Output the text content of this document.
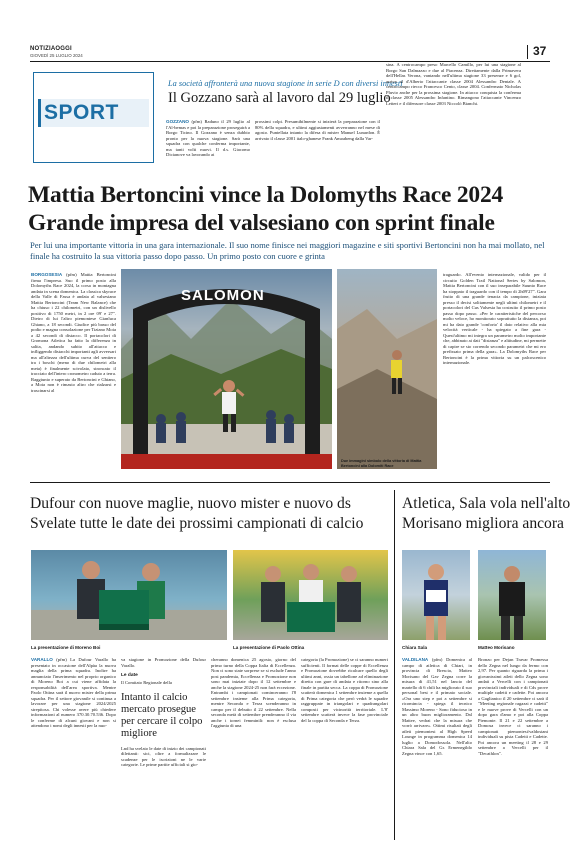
NOTIZIAOGGI
GIOVEDÌ 25 LUGLIO 2024	37
SPORT
La società affronterà una nuova stagione in serie D con diversi innesti
Il Gozzano sarà al lavoro dal 29 luglio
GOZZANO (pfm) Raduno il 29 luglio al l'Al-bemas e poi la preparazione proseguirà a Borgo Ticino. Il Gozzano è senza dubbio pronto per la nuova stagione. Sarà una squadra con qualche conferma importante, ma tanti volti nuovi. Il d.s. Giacomo Dicianove va lavorando ai
prossimi colpi. Presumibilmente si inizierà la preparazione con il 80% della squadra, e ultimi aggiustamenti avverranno nel mese di agosto. Puntellata intanto la difesa di mister Manuel Lunardon. È arrivato il classe 2001 italo-ghanese Frank Amoabeng dalla Var-
sina. A centrocampo preso Marcello Camillo, per lui una stagione al Borgo San Dalmazzo e due al Piacenza. Direttamente dalla Primavera dell'Hellas Verona, vantando nell'ultima stagione 33 presenze e 6 gol, arriva al d'Alberto l'attaccante classe 2004 Alessandro Dentale. A centrocampo riecco Francesco Cento, classe 2004. Confermato Nicholas Pluvio anche per la prossima stagione. In attacco conquista la conferma il classe 2005 Alessandro Infantino. Rimangono l'attaccante Vincenzo Letteri e il difensore classe 2003 Niccolò Bianchi.
Mattia Bertoncini vince la Dolomyths Race 2024
Grande impresa del valsesiano con sprint finale
Per lui una importante vittoria in una gara internazionale. Il suo nome finisce nei maggiori magazine e siti sportivi Bertoncini non ha mai mollato, nel finale ha costruito la sua vittoria passo dopo passo. Un primo posto con cuore e grinta
BORGOSESIA (pfm) Mattia Bertoncini firma l'impresa. Suo il primo posto alla Dolomyths Race 2024, la corsa in montagna andata in scena domenica. La classica skyrace della Valle di Fassa è andata al valsesiano Mattia Bertoncini (Team New Balance) che ha chiuso i 22 chilometri, con un dislivello positivo di 1750 metri, in 2 ore 09' e 27". Dietro di lui l'altro piemontese Gianluca Ghiano, a 18 secondi. Giudice più basso del podio e magna consolazione per Tiziano Moia a 42 secondi di distacco. Il portacolori di Gromona Atletica ha fatto la differenza in salita, andando subito all'attacco e infliggendo distacchi importanti agli avversari ma all'altezza dell'ultima curva del sentiero tra i boschi (meno di due chilometri alla meta) è finalmente scivolato, stroncato il tracciato dell'intero cronometro caduto a terra. Raggiunto e superato da Bertoncini e Ghiano, a Moia non è rimasto altro che rialzarsi e trascinarsi al
SALOMON
Due immagini simbolo della vittoria di Mattia Bertoncini alla Dolomiti Race
traguardo. All'evento internazionale, valido per il circuito Golden Trail National Series by Salomon, Mattia Bertoncini con il suo inseparabile Suunto Race ha stoppato il traguardo con il tempo di 2h09'27". Gara frutto di una grande tenacia da campione, iniziata presso il decisi solitamente negli ultimi chilometri e il portacolori del Cus Valsesia ha costruito il primo posto passo dopo passo. «Per le caratteristiche del percorso molto veloce, ho monitorato soprattutto la distanza, poi mi ha dato grande 'conforto' il dato relativo alla mia velocità verticale - ha spiegato a fine gara - Quest'ultimo mi integra un parametro molto importante che, abbinato ai dati "distanza" e altitudine, mi permette di capire se sto correndo secondo parametri che mi ero prefissato prima della gara». La Dolomyths Race per Bertoncini è la prima vittoria su un palcoscenico internazionale.
Dufour con nuove maglie, nuovo mister e nuovo ds
Svelate tutte le date dei prossimi campionati di calcio
La presentazione di Moreno Boi	La presentazione di Paolo Ottina
VARALLO (pfm) La Dufour Varallo ha presentato in occasione dell'Alpàa la nuova maglia della prima squadra. Inoltre ha annunciato l'inserimento nel proprio organico di Moreno Boi a cui viene affidata la responsabilità dell'area sportiva. Mentre Paolo Ottina sarà il nuovo mister della prima squadra. Per il settore giovanile si continua a lavorare per una stagione 2024/2025 strepitosa. Chi volesse avere più chiedere informazioni al numero 370.30.70.536. Dopo le conferme di alcuni giovani e non si attendono i nomi degli innesti per la nuo-
va stagione in Promozione della Dufour Varallo.
Le date
Il Comitato Regionale della
Intanto il calcio mercato prosegue per cercare il colpo migliore
Lnd ha svelato le date di inizio dei campionati dilettanti: sici, oltre a formalizzare le scadenze per le iscrizioni ne le varie categorie. Le prime partite ufficiali si gio-
cheranno domenica 25 agosto, giorno del primo turno della Coppa Italia di Eccellenza. Non ci sono state sorprese se si esclude l'anno post pandemia, Eccellenza e Promozione non sono mai iniziate dopo il 12 settembre e anche la stagione 2024-25 non farà eccezione. Entrambi i campionati cominceranno l'8 settembre insieme alla Prima categoria, mentre Seconda e Terza scenderanno in campo per il debutto il 22 settembre. Nella seconda metà di settembre prenderanno il via anche i tornei femminili: non è esclusa l'aggiunta di una
categoria (la Promozione) se ci saranno numeri sufficienti. Il format delle coppe di Eccellenza e Promozione dovrebbe ricalcare quello degli ultimi anni, ossia un tabellone ad eliminazione diretta con gare di andata e ritorno sino alla finale in partita secca. La coppa di Promozione scatterà domenica 1 settembre insieme a quella di Prima categoria che però vedrà le squadre raggruppate in triangolari e quadrangolari composti per vicinorità territoriale. L'8' settembre scatterà invece la fase provinciale del la coppa di Seconda e Terza.
Atletica, Sala vola nell'alto
Morisano migliora ancora
Chiara Sala	Matteo Morisano
VALDILANA (pfm) Domenica al campo di atletica di Chiari, in provincia di Brescia, Matteo Morisano del Gav Zegna corre la misura di 41,51 nel lancio del martello di 6 chili ha migliorato il suo personal best e il primato sociale. «Ora uno step e poi a settembre si ricomincia - spiega il tecnico Massimo Moreno - Sono fiducioso in un altro buon miglioramento. Dal Mattee, vedrai che la misura che vorrò arrivare». Ottimi risultati degli atleti piemontesi al High Speed Lounge in programma domenica 14 luglio a Domodossola. Nell'alto Chiara Sala del Gs Ermenegildo Zegna vince con 1,65.
Bronzo per Dejan Travar Promessa dello Zegna nel lungo da fermo con 2,97. Per quanto riguarda la prima i giovanissimi atleti dello Zegna sono andati a Vercelli con i campionati provinciali individuali e di Cds prove multiple cadetti e cadette. Poi ancora a Gaglianico il 20 settembre ci sarà il "Meeting regionale ragazzi e cadetti" e le nuove prove di Vercelli con un dopo gara d'amo e poi alla Coppa Piemonte. Il 21 e 22 settembre a Domosa invece ci saranno i campionati piemontesi/valdostani individuali su pista Cadetti e Cadette. Poi ancora un meeting il 28 e 29 settembre a Vercelli per il "Decathlon".
